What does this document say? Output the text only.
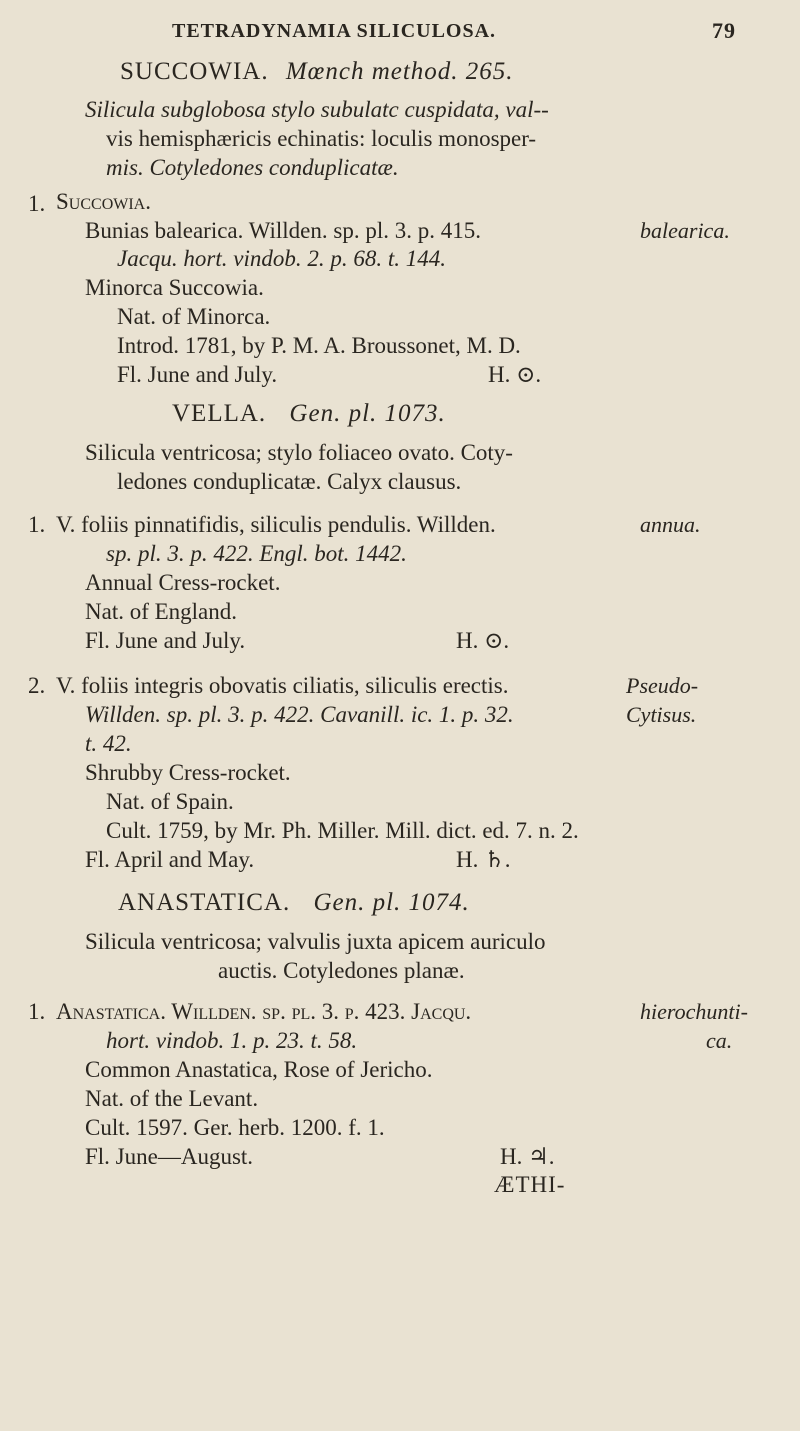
TETRADYNAMIA SILICULOSA.	79
SUCCOWIA. Mœnch method. 265.
Silicula subglobosa stylo subulatc cuspidata, val--
vis hemisphæricis echinatis: loculis monosper-
mis. Cotyledones conduplicatæ.
1. Succowia.
Bunias balearica. Willden. sp. pl. 3. p. 415.	balearica.
Jacqu. hort. vindob. 2. p. 68. t. 144.
Minorca Succowia.
Nat. of Minorca.
Introd. 1781, by P. M. A. Broussonet, M. D.
Fl. June and July.	H. ⊙.
VELLA. Gen. pl. 1073.
Silicula ventricosa; stylo foliaceo ovato. Coty-
ledones conduplicatæ. Calyx clausus.
1. V. foliis pinnatifidis, siliculis pendulis. Willden.	annua.
sp. pl. 3. p. 422. Engl. bot. 1442.
Annual Cress-rocket.
Nat. of England.
Fl. June and July.	H. ⊙.
2. V. foliis integris obovatis ciliatis, siliculis erectis.	Pseudo-
Willden. sp. pl. 3. p. 422. Cavanill. ic. 1. p. 32.	Cytisus.
t. 42.
Shrubby Cress-rocket.
Nat. of Spain.
Cult. 1759, by Mr. Ph. Miller. Mill. dict. ed. 7. n. 2.
Fl. April and May.	H. ♄.
ANASTATICA. Gen. pl. 1074.
Silicula ventricosa; valvulis juxta apicem auriculo
auctis. Cotyledones planæ.
1. Anastatica. Willden. sp. pl. 3. p. 423. Jacqu.	hierochunti-
hort. vindob. 1. p. 23. t. 58.	ca.
Common Anastatica, Rose of Jericho.
Nat. of the Levant.
Cult. 1597. Ger. herb. 1200. f. 1.
Fl. June—August.	H. ♃.
ÆTHI-
